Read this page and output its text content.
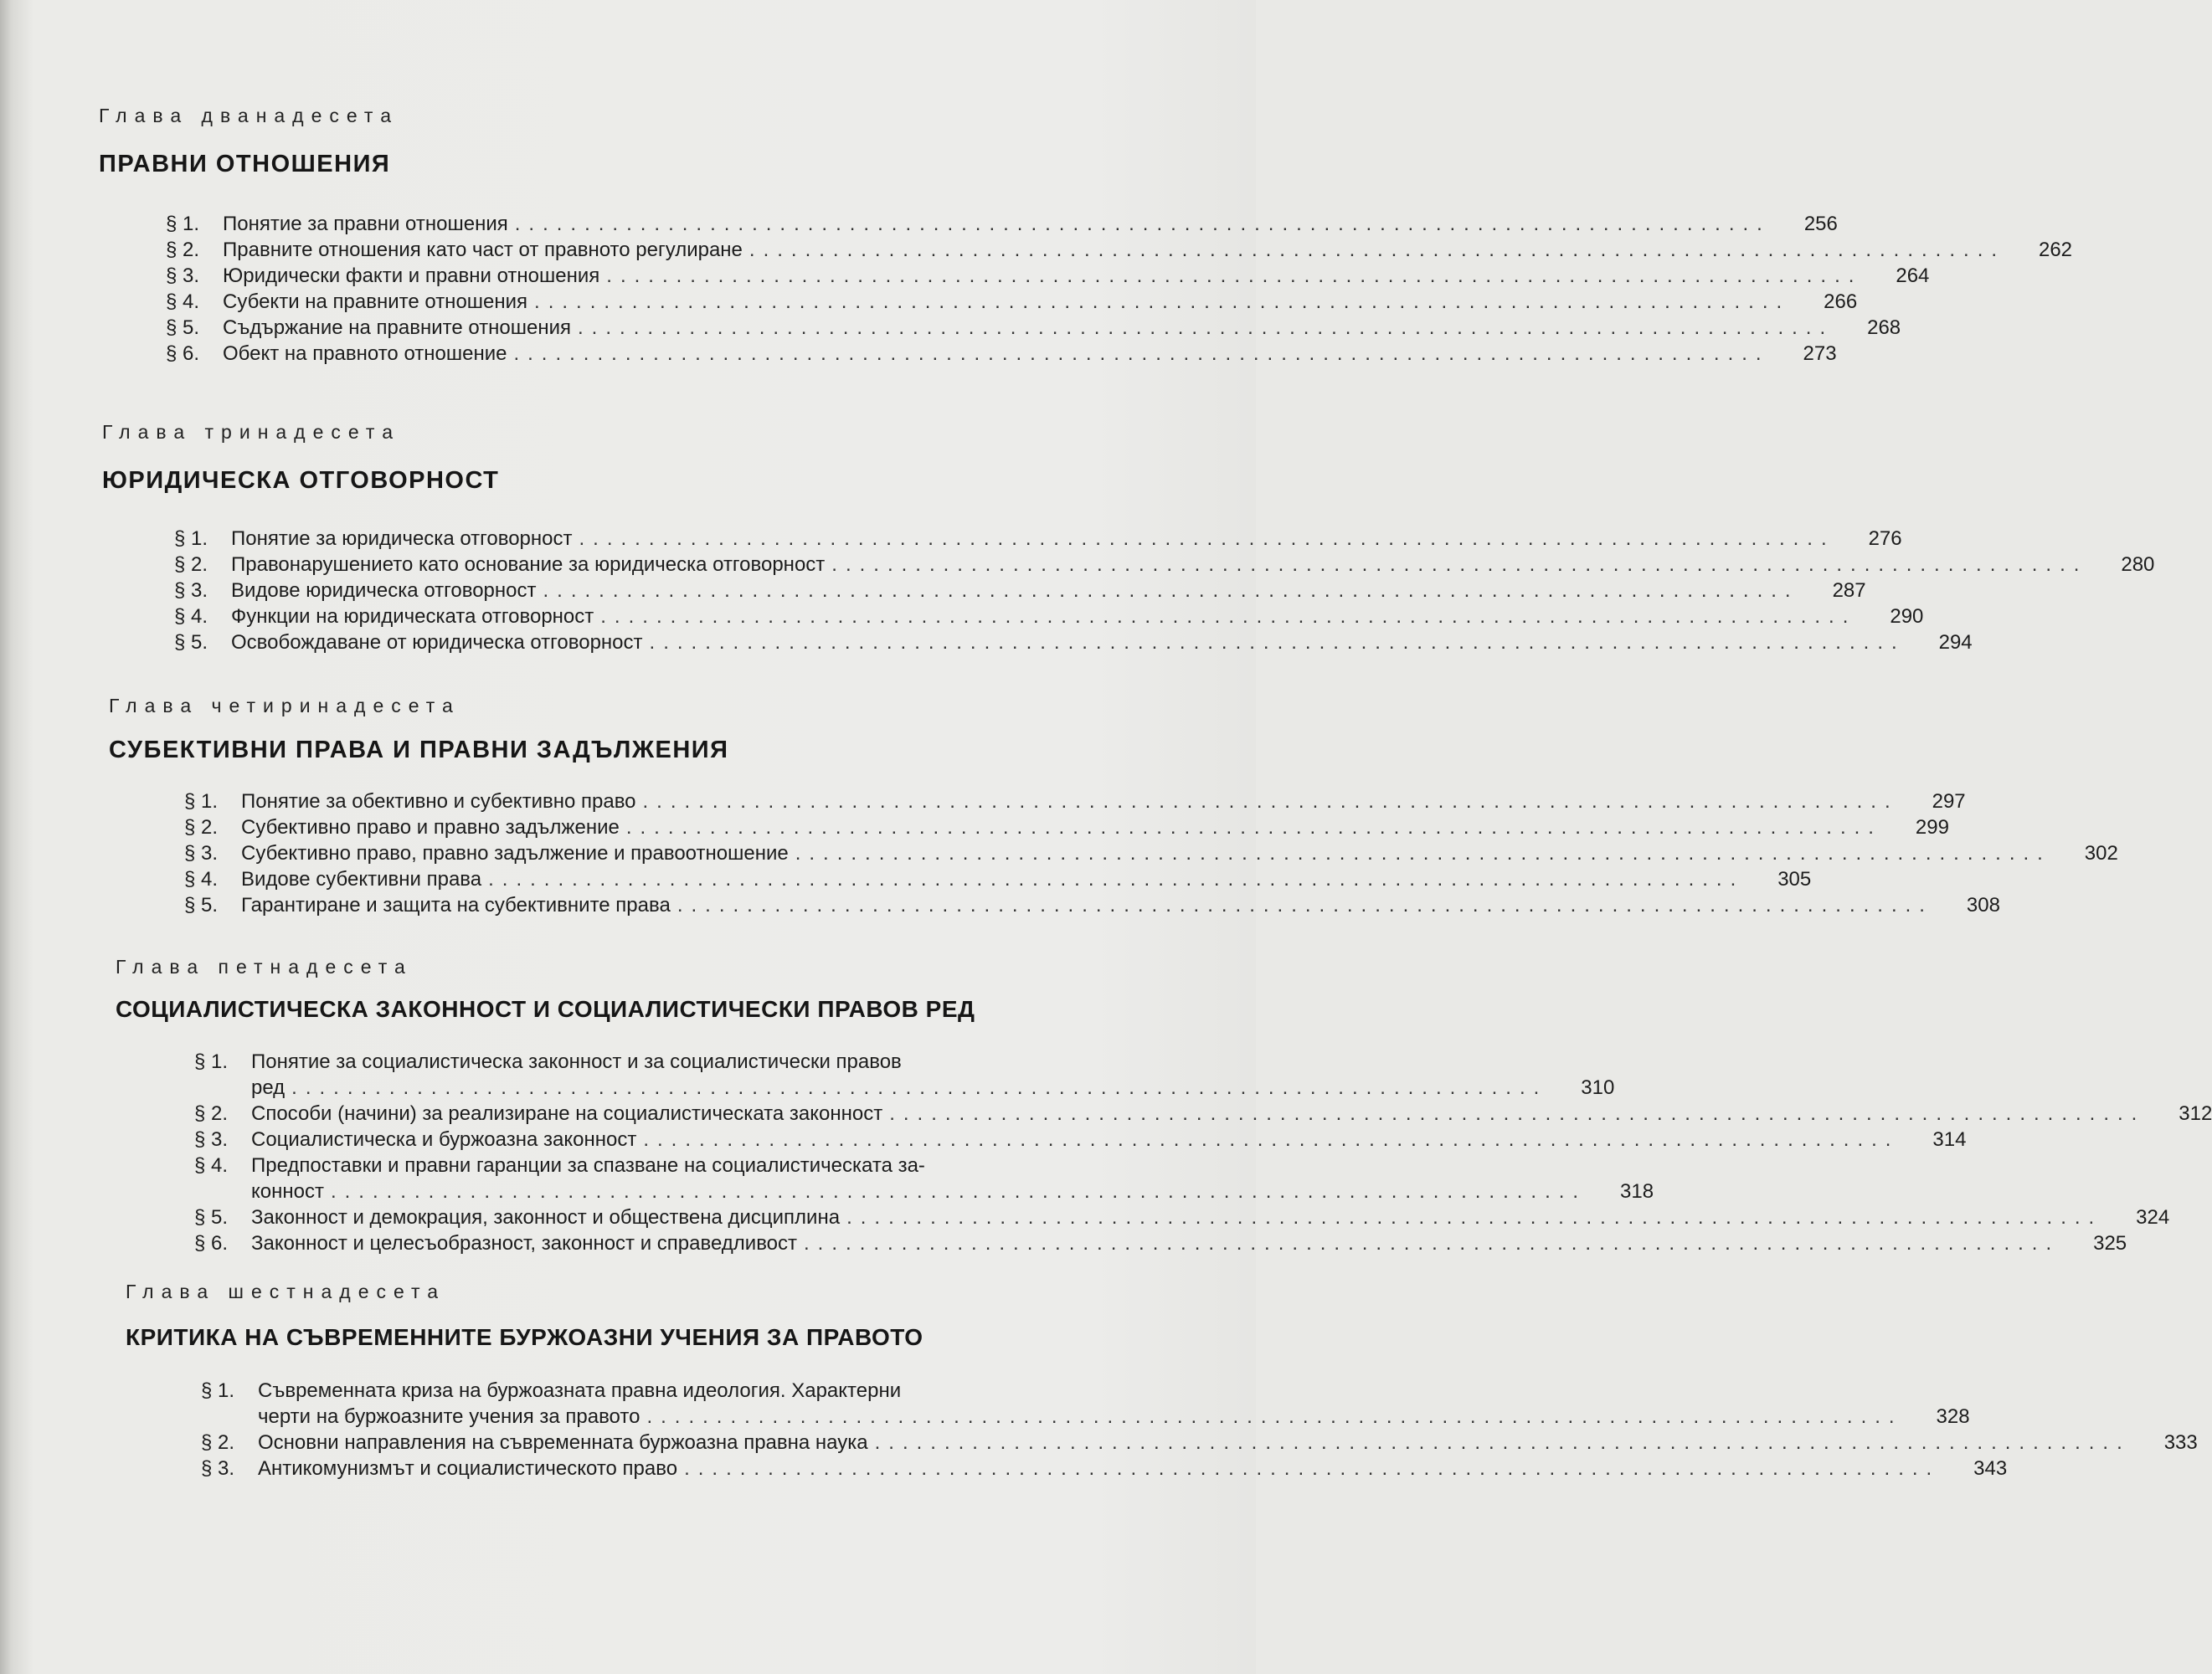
Глава дванадесета
ПРАВНИ ОТНОШЕНИЯ
§ 1.	Понятие за правни отношения ..........................................................................................	256
§ 2.	Правните отношения като част от правното регулиране ..........................................................................................	262
§ 3.	Юридически факти и правни отношения ..........................................................................................	264
§ 4.	Субекти на правните отношения ..........................................................................................	266
§ 5.	Съдържание на правните отношения ..........................................................................................	268
§ 6.	Обект на правното отношение ..........................................................................................	273
Глава тринадесета
ЮРИДИЧЕСКА ОТГОВОРНОСТ
§ 1.	Понятие за юридическа отговорност ..........................................................................................	276
§ 2.	Правонарушението като основание за юридическа отговорност ..........................................................................................	280
§ 3.	Видове юридическа отговорност ..........................................................................................	287
§ 4.	Функции на юридическата отговорност ..........................................................................................	290
§ 5.	Освобождаване от юридическа отговорност ..........................................................................................	294
Глава четиринадесета
СУБЕКТИВНИ ПРАВА И ПРАВНИ ЗАДЪЛЖЕНИЯ
§ 1.	Понятие за обективно и субективно право ..........................................................................................	297
§ 2.	Субективно право и правно задължение ..........................................................................................	299
§ 3.	Субективно право, правно задължение и правоотношение ..........................................................................................	302
§ 4.	Видове субективни права ..........................................................................................	305
§ 5.	Гарантиране и защита на субективните права ..........................................................................................	308
Глава петнадесета
СОЦИАЛИСТИЧЕСКА ЗАКОННОСТ И СОЦИАЛИСТИЧЕСКИ ПРАВОВ РЕД
§ 1.	Понятие за социалистическа законност и за социалистически правов
ред ..........................................................................................	310
§ 2.	Способи (начини) за реализиране на социалистическата законност ..........................................................................................	312
§ 3.	Социалистическа и буржоазна законност ..........................................................................................	314
§ 4.	Предпоставки и правни гаранции за спазване на социалистическата за-
конност ..........................................................................................	318
§ 5.	Законност и демокрация, законност и обществена дисциплина ..........................................................................................	324
§ 6.	Законност и целесъобразност, законност и справедливост ..........................................................................................	325
Глава шестнадесета
КРИТИКА НА СЪВРЕМЕННИТЕ БУРЖОАЗНИ УЧЕНИЯ ЗА ПРАВОТО
§ 1.	Съвременната криза на буржоазната правна идеология. Характерни
черти на буржоазните учения за правото ..........................................................................................	328
§ 2.	Основни направления на съвременната буржоазна правна наука ..........................................................................................	333
§ 3.	Антикомунизмът и социалистическото право ..........................................................................................	343
